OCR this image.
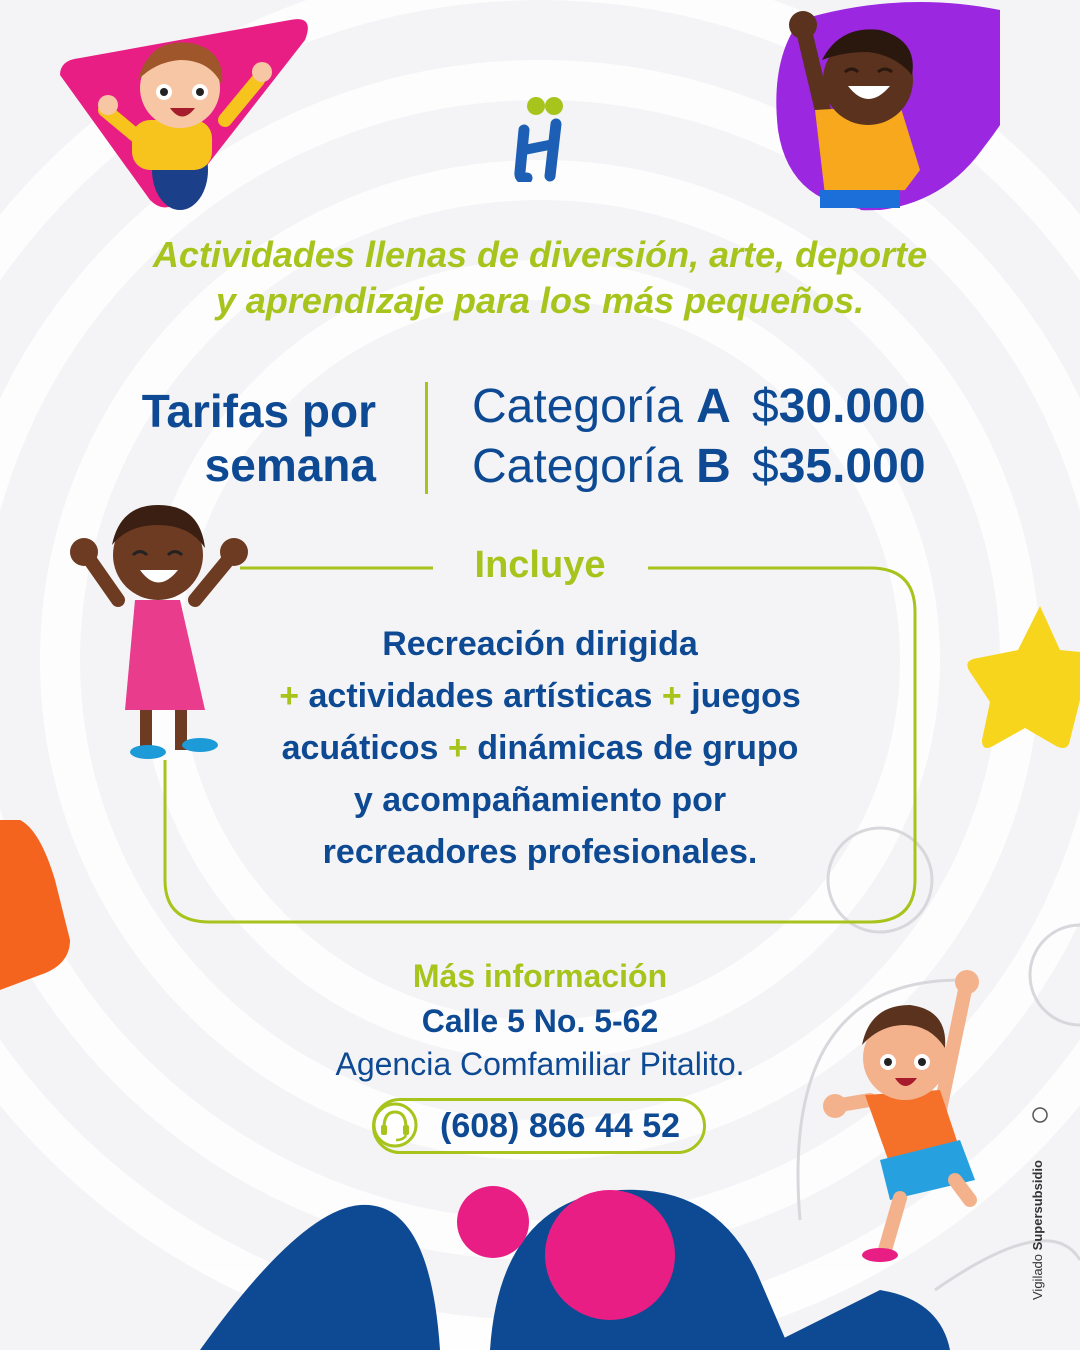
Actividades llenas de diversión, arte, deporte
y aprendizaje para los más pequeños.
Tarifas por
semana
Categoría A $30.000
Categoría B $35.000
Incluye
Recreación dirigida
+ actividades artísticas + juegos
acuáticos + dinámicas de grupo
y acompañamiento por
recreadores profesionales.
Más información
Calle 5 No. 5-62
Agencia Comfamiliar Pitalito.
(608) 866 44 52
Vigilado Supersubsidio
